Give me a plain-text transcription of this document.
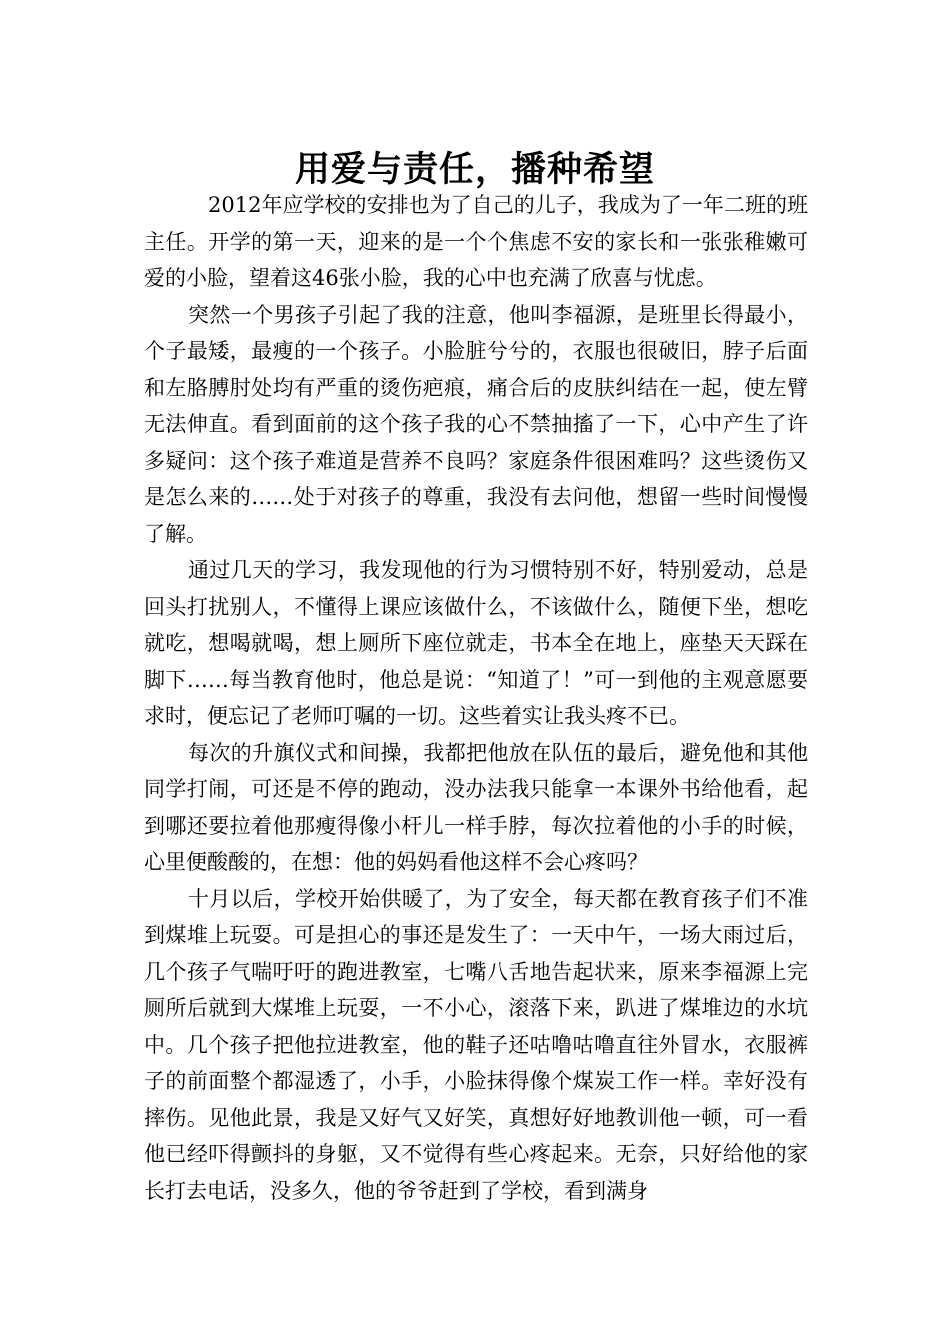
用爱与责任，播种希望

2012年应学校的安排也为了自己的儿子，我成为了一年二班的班主任。开学的第一天，迎来的是一个个焦虑不安的家长和一张张稚嫩可爱的小脸，望着这46张小脸，我的心中也充满了欣喜与忧虑。

突然一个男孩子引起了我的注意，他叫李福源，是班里长得最小，个子最矮，最瘦的一个孩子。小脸脏兮兮的，衣服也很破旧，脖子后面和左胳膊肘处均有严重的烫伤疤痕，痛合后的皮肤纠结在一起，使左臂无法伸直。看到面前的这个孩子我的心不禁抽搐了一下，心中产生了许多疑问：这个孩子难道是营养不良吗？家庭条件很困难吗？这些烫伤又是怎么来的……处于对孩子的尊重，我没有去问他，想留一些时间慢慢了解。

通过几天的学习，我发现他的行为习惯特别不好，特别爱动，总是回头打扰别人，不懂得上课应该做什么，不该做什么，随便下坐，想吃就吃，想喝就喝，想上厕所下座位就走，书本全在地上，座垫天天踩在脚下……每当教育他时，他总是说：“知道了！”可一到他的主观意愿要求时，便忘记了老师叮嘱的一切。这些着实让我头疼不已。

每次的升旗仪式和间操，我都把他放在队伍的最后，避免他和其他同学打闹，可还是不停的跑动，没办法我只能拿一本课外书给他看，起到哪还要拉着他那瘦得像小杆儿一样手脖，每次拉着他的小手的时候，心里便酸酸的，在想：他的妈妈看他这样不会心疼吗？

十月以后，学校开始供暖了，为了安全，每天都在教育孩子们不准到煤堆上玩耍。可是担心的事还是发生了：一天中午，一场大雨过后，几个孩子气喘吁吁的跑进教室，七嘴八舌地告起状来，原来李福源上完厕所后就到大煤堆上玩耍，一不小心，滚落下来，趴进了煤堆边的水坑中。几个孩子把他拉进教室，他的鞋子还咕噜咕噜直往外冒水，衣服裤子的前面整个都湿透了，小手，小脸抹得像个煤炭工作一样。幸好没有摔伤。见他此景，我是又好气又好笑，真想好好地教训他一顿，可一看他已经吓得颤抖的身躯，又不觉得有些心疼起来。无奈，只好给他的家长打去电话，没多久，他的爷爷赶到了学校，看到满身
